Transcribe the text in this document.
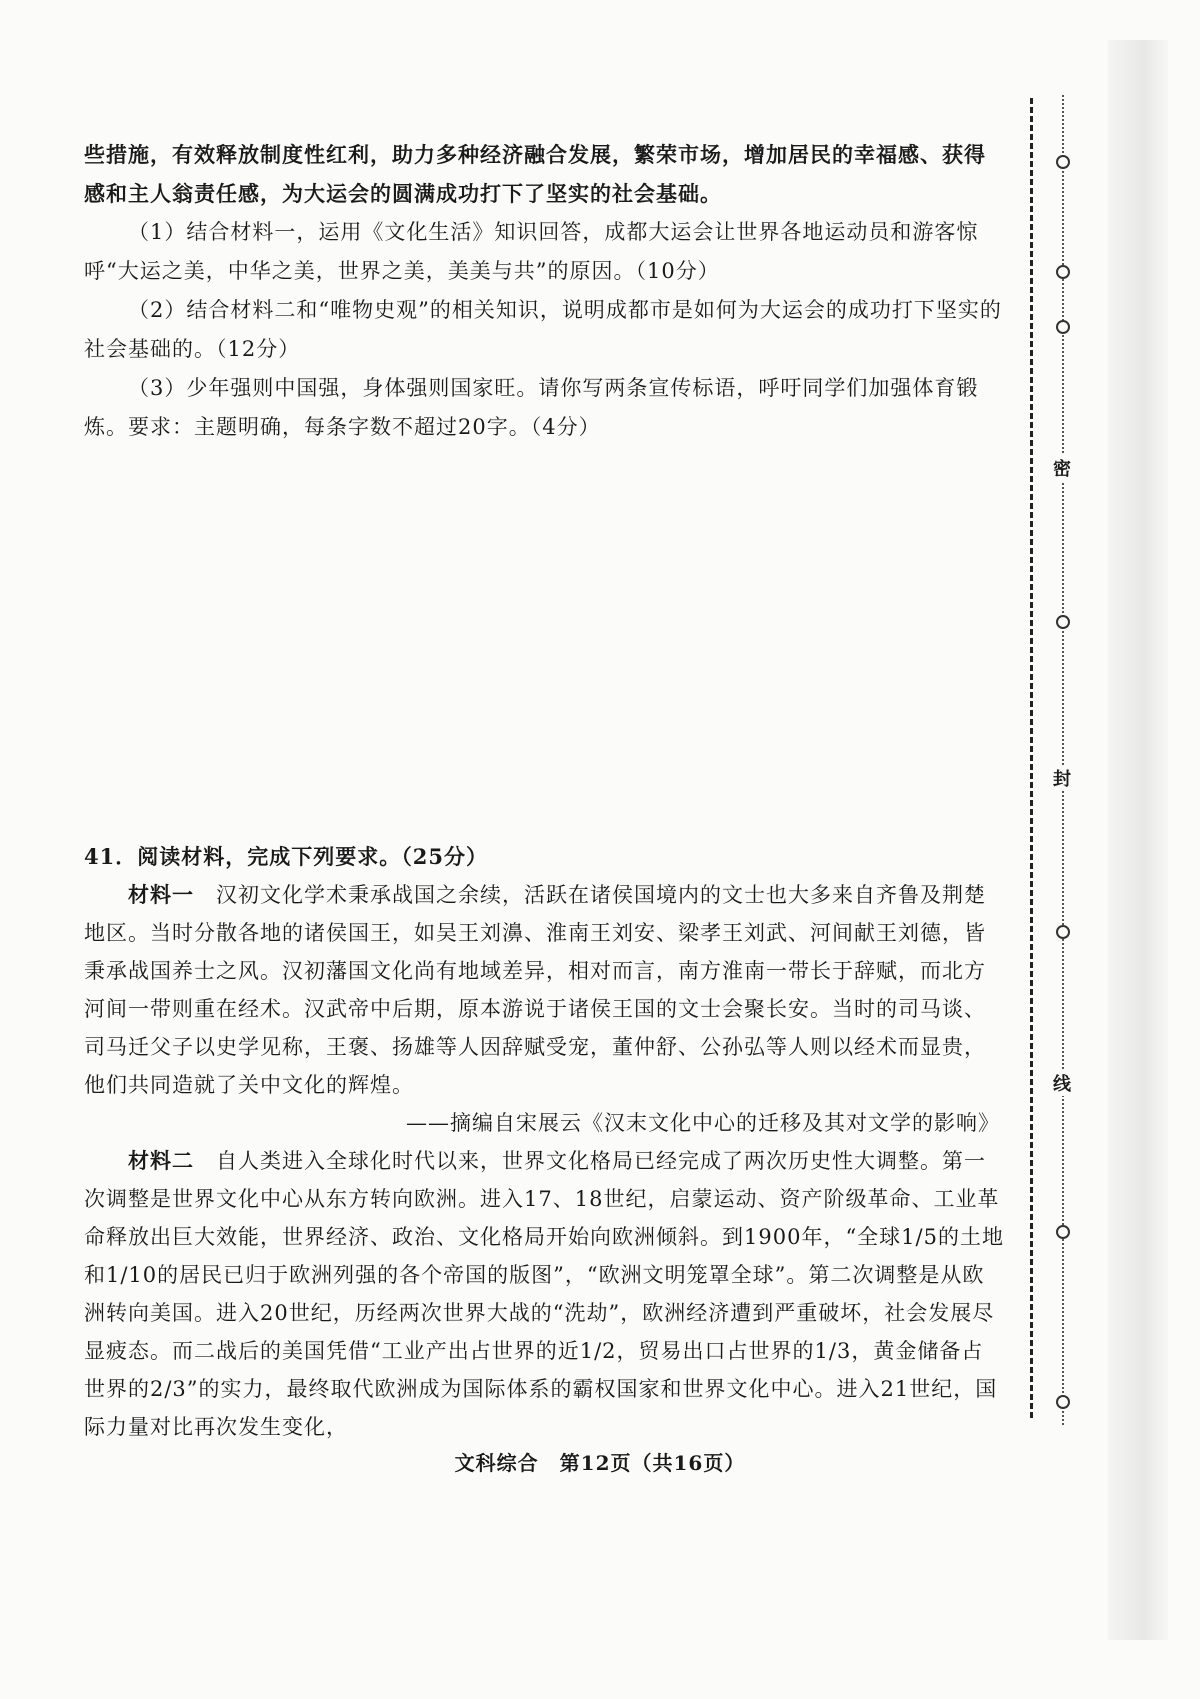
些措施，有效释放制度性红利，助力多种经济融合发展，繁荣市场，增加居民的幸福感、获得感和主人翁责任感，为大运会的圆满成功打下了坚实的社会基础。

（1）结合材料一，运用《文化生活》知识回答，成都大运会让世界各地运动员和游客惊呼“大运之美，中华之美，世界之美，美美与共”的原因。（10分）

（2）结合材料二和“唯物史观”的相关知识，说明成都市是如何为大运会的成功打下坚实的社会基础的。（12分）

（3）少年强则中国强，身体强则国家旺。请你写两条宣传标语，呼吁同学们加强体育锻炼。要求：主题明确，每条字数不超过20字。（4分）

41．阅读材料，完成下列要求。（25分）

材料一　 汉初文化学术秉承战国之余续，活跃在诸侯国境内的文士也大多来自齐鲁及荆楚地区。当时分散各地的诸侯国王，如吴王刘濞、淮南王刘安、梁孝王刘武、河间献王刘德，皆秉承战国养士之风。汉初藩国文化尚有地域差异，相对而言，南方淮南一带长于辞赋，而北方河间一带则重在经术。汉武帝中后期，原本游说于诸侯王国的文士会聚长安。当时的司马谈、司马迁父子以史学见称，王褒、扬雄等人因辞赋受宠，董仲舒、公孙弘等人则以经术而显贵，他们共同造就了关中文化的辉煌。

——摘编自宋展云《汉末文化中心的迁移及其对文学的影响》

材料二　 自人类进入全球化时代以来，世界文化格局已经完成了两次历史性大调整。第一次调整是世界文化中心从东方转向欧洲。进入17、18世纪，启蒙运动、资产阶级革命、工业革命释放出巨大效能，世界经济、政治、文化格局开始向欧洲倾斜。到1900年，“全球1/5的土地和1/10的居民已归于欧洲列强的各个帝国的版图”，“欧洲文明笼罩全球”。第二次调整是从欧洲转向美国。进入20世纪，历经两次世界大战的“洗劫”，欧洲经济遭到严重破坏，社会发展尽显疲态。而二战后的美国凭借“工业产出占世界的近1/2，贸易出口占世界的1/3，黄金储备占世界的2/3”的实力，最终取代欧洲成为国际体系的霸权国家和世界文化中心。进入21世纪，国际力量对比再次发生变化，

文科综合　第12页（共16页）
密
封
线
